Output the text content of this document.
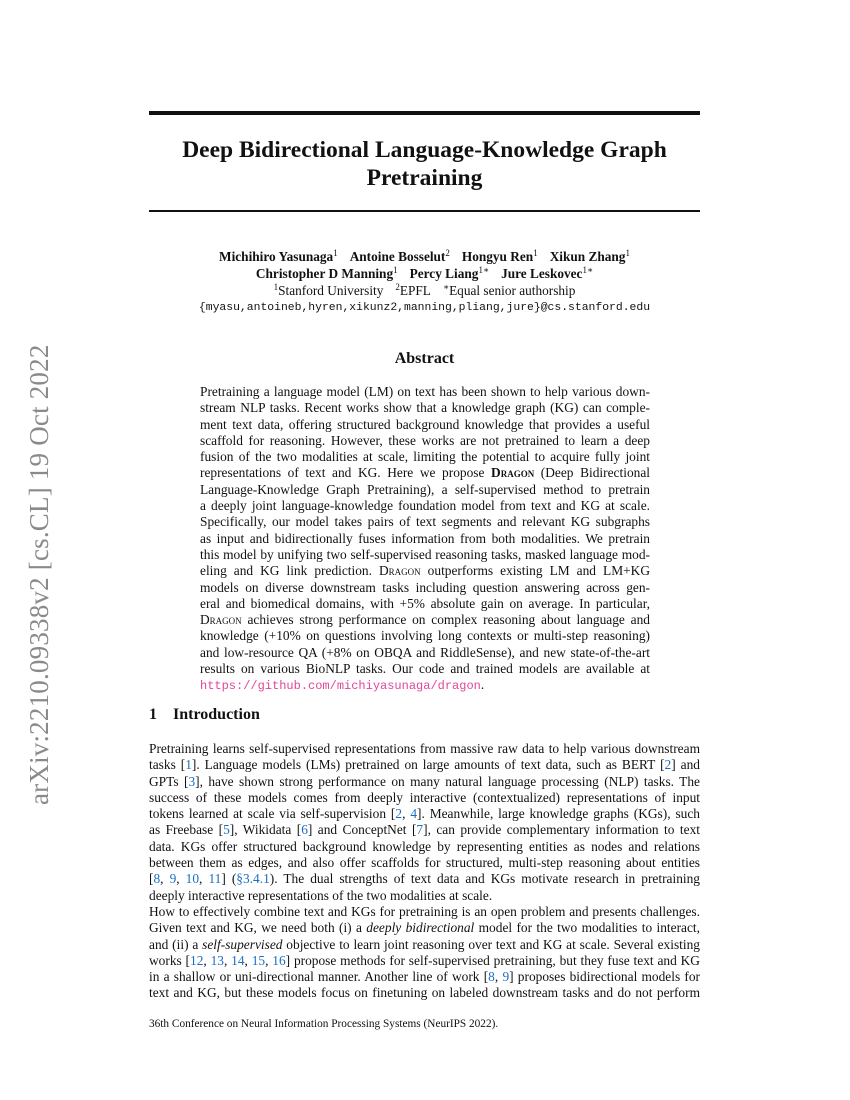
arXiv:2210.09338v2 [cs.CL] 19 Oct 2022
Deep Bidirectional Language-Knowledge Graph
Pretraining
Michihiro Yasunaga$^1$ Antoine Bosselut$^2$ Hongyu Ren$^1$ Xikun Zhang$^1$
Christopher D Manning$^1$ Percy Liang$^{1∗}$ Jure Leskovec$^{1∗}$
$^1$Stanford University $^2$EPFL ∗Equal senior authorship
{myasu,antoineb,hyren,xikunz2,manning,pliang,jure}@cs.stanford.edu
Abstract
Pretraining a language model (LM) on text has been shown to help various down-
stream NLP tasks. Recent works show that a knowledge graph (KG) can comple-
ment text data, offering structured background knowledge that provides a useful
scaffold for reasoning. However, these works are not pretrained to learn a deep
fusion of the two modalities at scale, limiting the potential to acquire fully joint
representations of text and KG. Here we propose Dragon (Deep Bidirectional
Language-Knowledge Graph Pretraining), a self-supervised method to pretrain
a deeply joint language-knowledge foundation model from text and KG at scale.
Specifically, our model takes pairs of text segments and relevant KG subgraphs
as input and bidirectionally fuses information from both modalities. We pretrain
this model by unifying two self-supervised reasoning tasks, masked language mod-
eling and KG link prediction. Dragon outperforms existing LM and LM+KG
models on diverse downstream tasks including question answering across gen-
eral and biomedical domains, with +5% absolute gain on average. In particular,
Dragon achieves strong performance on complex reasoning about language and
knowledge (+10% on questions involving long contexts or multi-step reasoning)
and low-resource QA (+8% on OBQA and RiddleSense), and new state-of-the-art
results on various BioNLP tasks. Our code and trained models are available at
https://github.com/michiyasunaga/dragon.
1 Introduction
Pretraining learns self-supervised representations from massive raw data to help various downstream
tasks [1]. Language models (LMs) pretrained on large amounts of text data, such as BERT [2] and
GPTs [3], have shown strong performance on many natural language processing (NLP) tasks. The
success of these models comes from deeply interactive (contextualized) representations of input
tokens learned at scale via self-supervision [2, 4]. Meanwhile, large knowledge graphs (KGs), such
as Freebase [5], Wikidata [6] and ConceptNet [7], can provide complementary information to text
data. KGs offer structured background knowledge by representing entities as nodes and relations
between them as edges, and also offer scaffolds for structured, multi-step reasoning about entities
[8, 9, 10, 11] (§3.4.1). The dual strengths of text data and KGs motivate research in pretraining
deeply interactive representations of the two modalities at scale.
How to effectively combine text and KGs for pretraining is an open problem and presents challenges.
Given text and KG, we need both (i) a deeply bidirectional model for the two modalities to interact,
and (ii) a self-supervised objective to learn joint reasoning over text and KG at scale. Several existing
works [12, 13, 14, 15, 16] propose methods for self-supervised pretraining, but they fuse text and KG
in a shallow or uni-directional manner. Another line of work [8, 9] proposes bidirectional models for
text and KG, but these models focus on finetuning on labeled downstream tasks and do not perform
36th Conference on Neural Information Processing Systems (NeurIPS 2022).
